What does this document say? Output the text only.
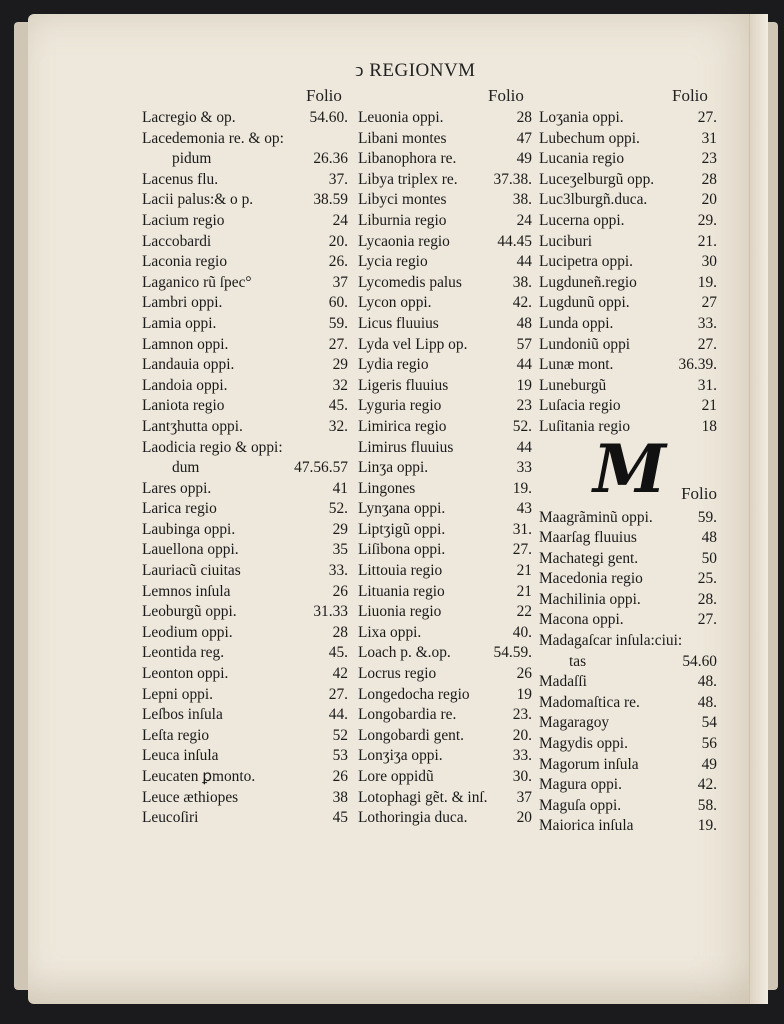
ↄ REGIONVM
Folio	Folio	Folio
Lacregio & op.	54.60.
Lacedemonia re. & op:
pidum	26.36
Lacenus flu.	37.
Lacii palus:& o p.	38.59
Lacium regio	24
Laccobardi	20.
Laconia regio	26.
Laganico rũ ſpec°	37
Lambri oppi.	60.
Lamia oppi.	59.
Lamnon oppi.	27.
Landauia oppi.	29
Landoia oppi.	32
Laniota regio	45.
Lantʒhutta oppi.	32.
Laodicia regio & oppi:
dum	47.56.57
Lares oppi.	41
Larica regio	52.
Laubinga oppi.	29
Lauellona oppi.	35
Lauriacũ ciuitas	33.
Lemnos inſula	26
Leoburgũ oppi.	31.33
Leodium oppi.	28
Leontida reg.	45.
Leonton oppi.	42
Lepni oppi.	27.
Leſbos inſula	44.
Leſta regio	52
Leuca inſula	53
Leucaten ꝑmonto.	26
Leuce æthiopes	38
Leucoſiri	45
Leuonia oppi.	28
Libani montes	47
Libanophora re.	49
Libya triplex re. 37.38.
Libyci montes	38.
Liburnia regio	24
Lycaonia regio	44.45
Lycia regio	44
Lycomedis palus	38.
Lycon oppi.	42.
Licus fluuius	48
Lyda vel Lipp op.	57
Lydia regio	44
Ligeris fluuius	19
Lyguria regio	23
Limirica regio	52.
Limirus fluuius	44
Linʒa oppi.	33
Lingones	19.
Lynʒana oppi.	43
Liptʒigũ oppi.	31.
Liſibona oppi.	27.
Littouia regio	21
Lituania regio	21
Liuonia regio	22
Lixa oppi.	40.
Loach p. &.op.	54.59.
Locrus regio	26
Longedocha regio	19
Longobardia re.	23.
Longobardi gent.	20.
Lonʒiʒa oppi.	33.
Lore oppidũ	30.
Lotophagi gẽt. & inſ. 37
Lothoringia duca.	20
Loʒania oppi.	27.
Lubechum oppi.	31
Lucania regio	23
Luceʒelburgũ opp.	28
Luc3lburgñ.duca.	20
Lucerna oppi.	29.
Luciburi	21.
Lucipetra oppi.	30
Lugduneñ.regio	19.
Lugdunũ oppi.	27
Lunda oppi.	33.
Lundoniũ oppi	27.
Lunæ mont.	36.39.
Luneburgũ	31.
Luſacia regio	21
Luſitania regio	18
M Folio
Maagrãminũ oppi.	59.
Maarſag fluuius	48
Machategi gent.	50
Macedonia regio	25.
Machilinia oppi.	28.
Macona oppi.	27.
Madagaſcar inſula:ciui:
tas	54.60
Madaſſi	48.
Madomaſtica re.	48.
Magaragoy	54
Magydis oppi.	56
Magorum inſula	49
Magura oppi.	42.
Maguſa oppi.	58.
Maiorica inſula	19.
